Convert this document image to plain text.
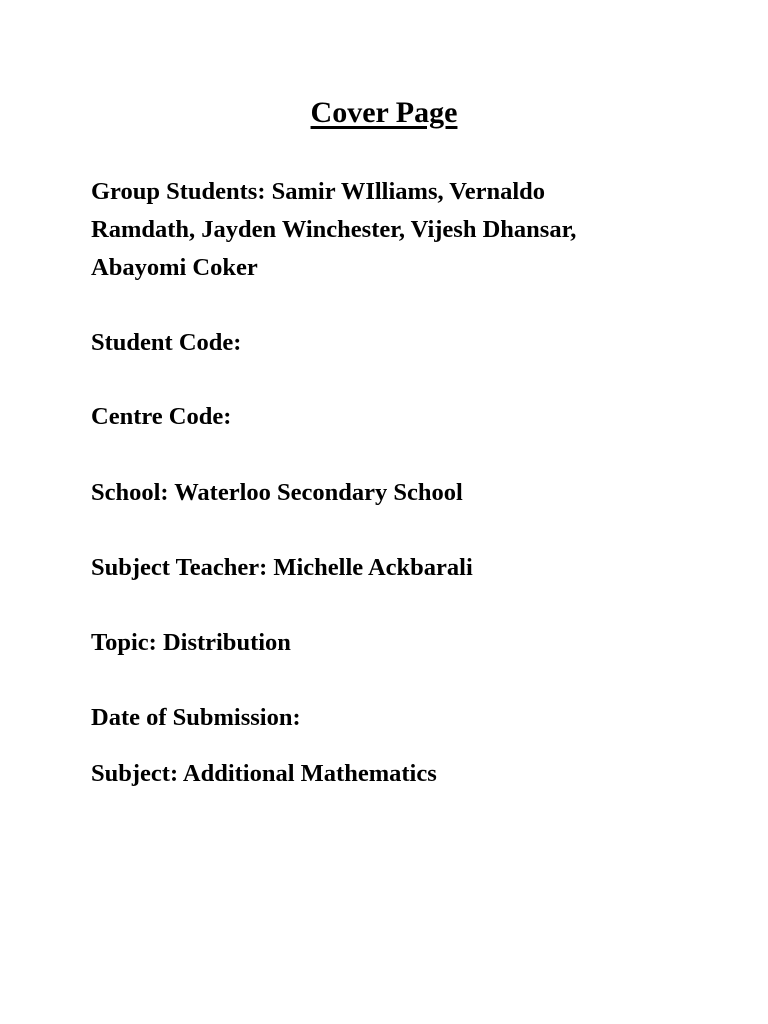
Cover Page
Group Students: Samir WIlliams, Vernaldo Ramdath, Jayden Winchester, Vijesh Dhansar, Abayomi Coker
Student Code:
Centre Code:
School: Waterloo Secondary School
Subject Teacher: Michelle Ackbarali
Topic: Distribution
Date of Submission:
Subject: Additional Mathematics
